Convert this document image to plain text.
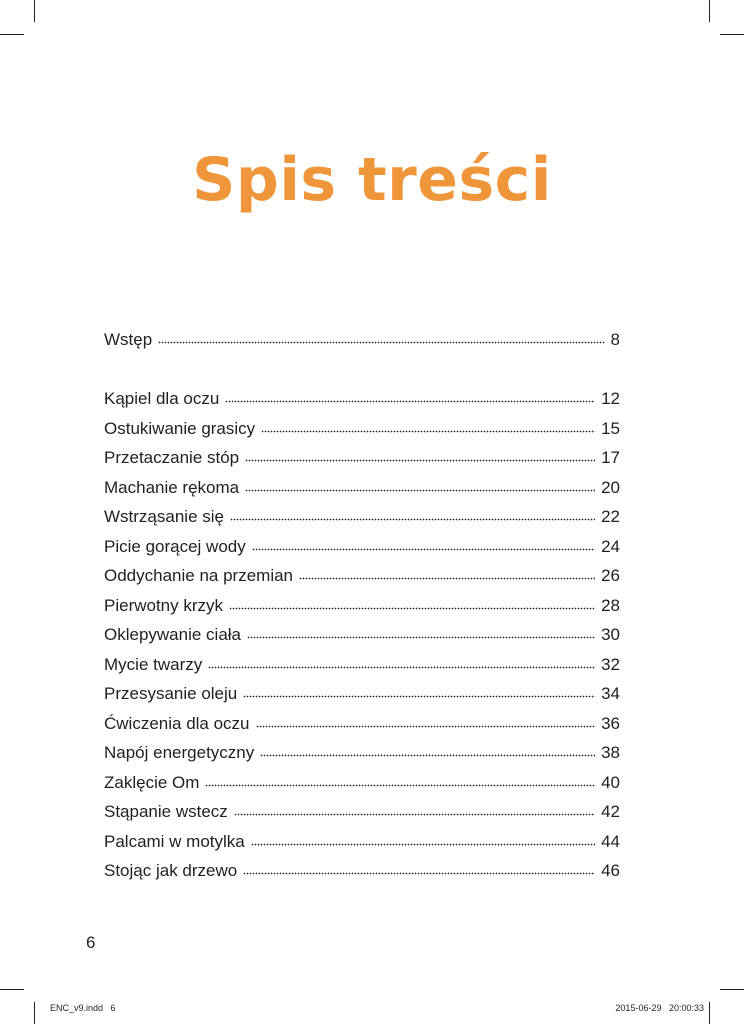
Spis treści
Wstęp	8
Kąpiel dla oczu	12
Ostukiwanie grasicy	15
Przetaczanie stóp	17
Machanie rękoma	20
Wstrząsanie się	22
Picie gorącej wody	24
Oddychanie na przemian	26
Pierwotny krzyk	28
Oklepywanie ciała	30
Mycie twarzy	32
Przesysanie oleju	34
Ćwiczenia dla oczu	36
Napój energetyczny	38
Zaklęcie Om	40
Stąpanie wstecz	42
Palcami w motylka	44
Stojąc jak drzewo	46
6
ENC_v9.indd   6	2015-06-29   20:00:33
